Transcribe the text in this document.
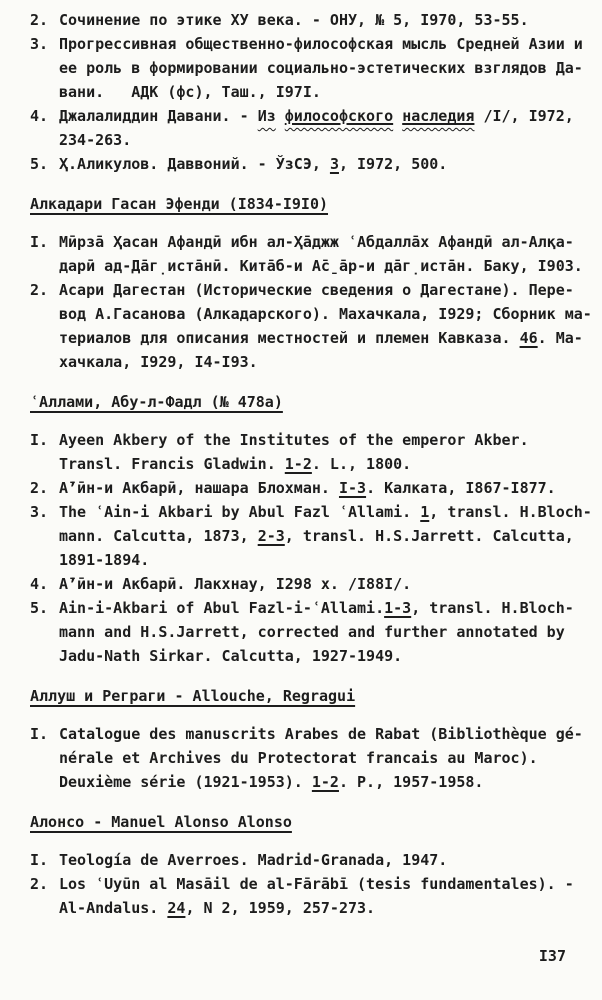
2. Сочинение по этике ХУ века. - ОНУ, № 5, I970, 53-55.
3. Прогрессивная общественно-философская мысль Средней Азии и
ее роль в формировании социально-эстетических взглядов Да-
вани.   АДК (фс), Таш., I97I.
4. Джалалиддин Давани. - Из философского наследия /I/, I972,
234-263.
5. Ҳ.Аликулов. Даввоний. - ЎзСЭ, 3, I972, 500.
Алкадари Гасан Эфенди (I834-I9I0)
I. Мӣрза̄ Ҳасан Афандӣ ибн ал-Ҳа̄джж ʿАбдалла̄х Афандӣ ал-Алқа-
дарӣ ад-Да̄г̣иста̄нӣ. Кита̄б-и А̄с̱а̄р-и да̄г̣иста̄н. Баку, I903.
2. Асари Дагестан (Исторические сведения о Дагестане). Пере-
вод А.Гасанова (Алкадарского). Махачкала, I929; Сборник ма-
териалов для описания местностей и племен Кавказа. 46. Ма-
хачкала, I929, I4-I93.
ʿАллами, Абу-л-Фадл (№ 478а)
I. Ayeen Akbery of the Institutes of the emperor Akber.
Transl. Francis Gladwin. 1-2. L., 1800.
2. А̄ʼӣн-и Акбарӣ, нашара Блохман. I-3. Калката, I867-I877.
3. The ʿAin-i Akbari by Abul Fazl ʿAllami. 1, transl. H.Bloch-
mann. Calcutta, 1873, 2-3, transl. H.S.Jarrett. Calcutta,
1891-1894.
4. А̄ʼӣн-и Акбарӣ. Лакхнау, I298 х. /I88I/.
5. Ain-i-Akbari of Abul Fazl-i-ʿAllami.1-3, transl. H.Bloch-
mann and H.S.Jarrett, corrected and further annotated by
Jadu-Nath Sirkar. Calcutta, 1927-1949.
Аллуш и Реграги - Allouche, Regragui
I. Catalogue des manuscrits Arabes de Rabat (Bibliothèque gé-
nérale et Archives du Protectorat francais au Maroc).
Deuxième série (1921-1953). 1-2. P., 1957-1958.
Алонсо - Manuel Alonso Alonso
I. Teología de Averroes. Madrid-Granada, 1947.
2. Los ʿUyūn al Masāil de al-Fārābī (tesis fundamentales). -
Al-Andalus. 24, N 2, 1959, 257-273.
I37
